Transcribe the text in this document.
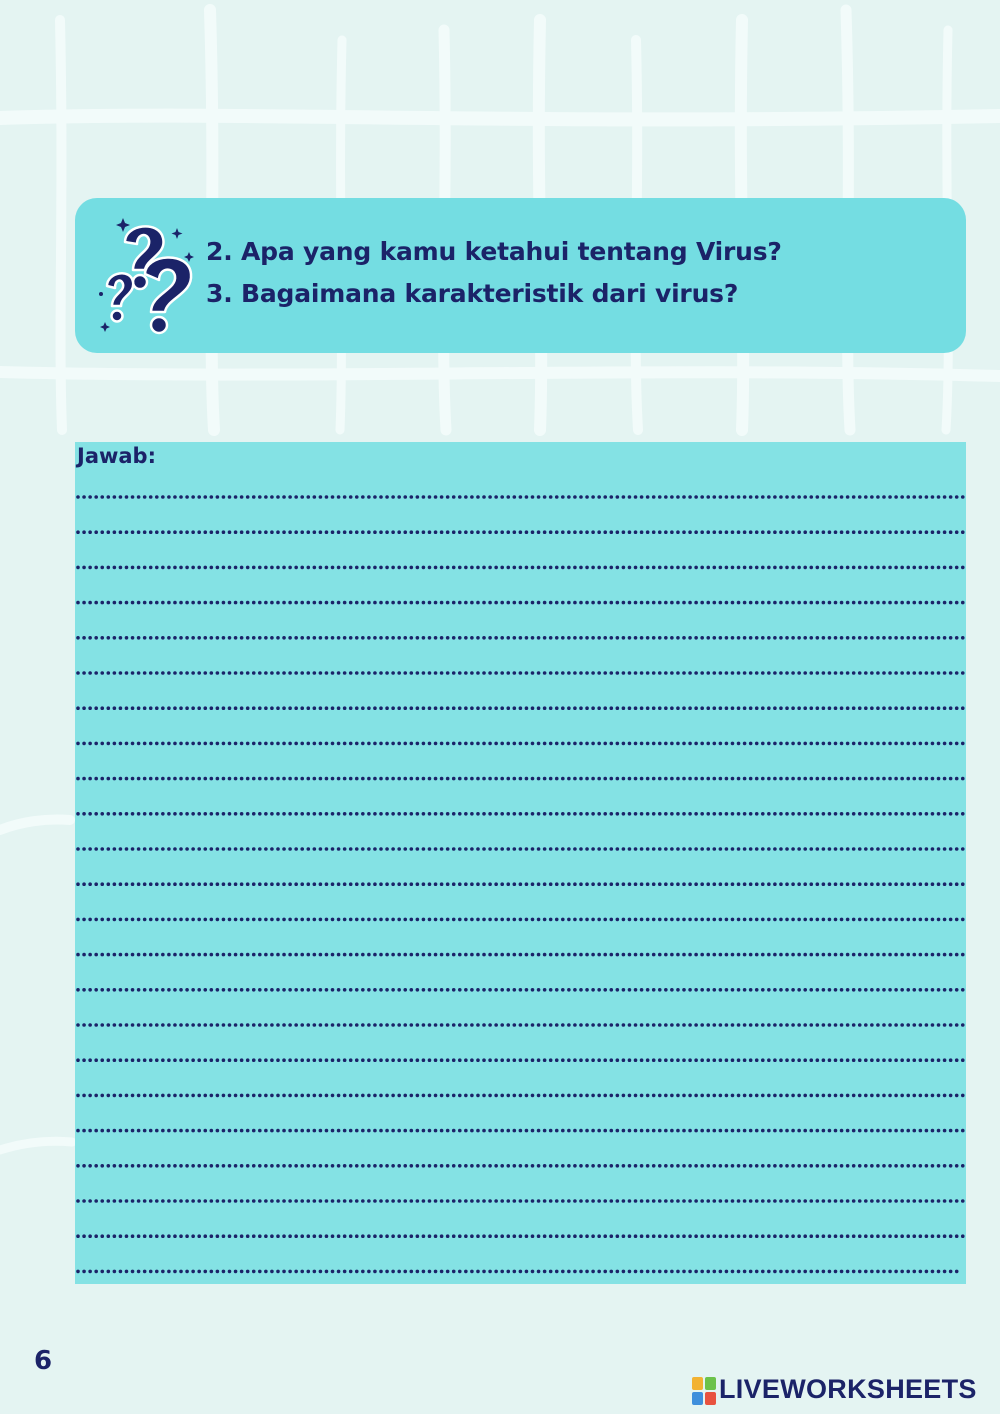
2. Apa yang kamu ketahui tentang Virus?

3. Bagaimana karakteristik dari virus?

Jawab:

6
LIVEWORKSHEETS
